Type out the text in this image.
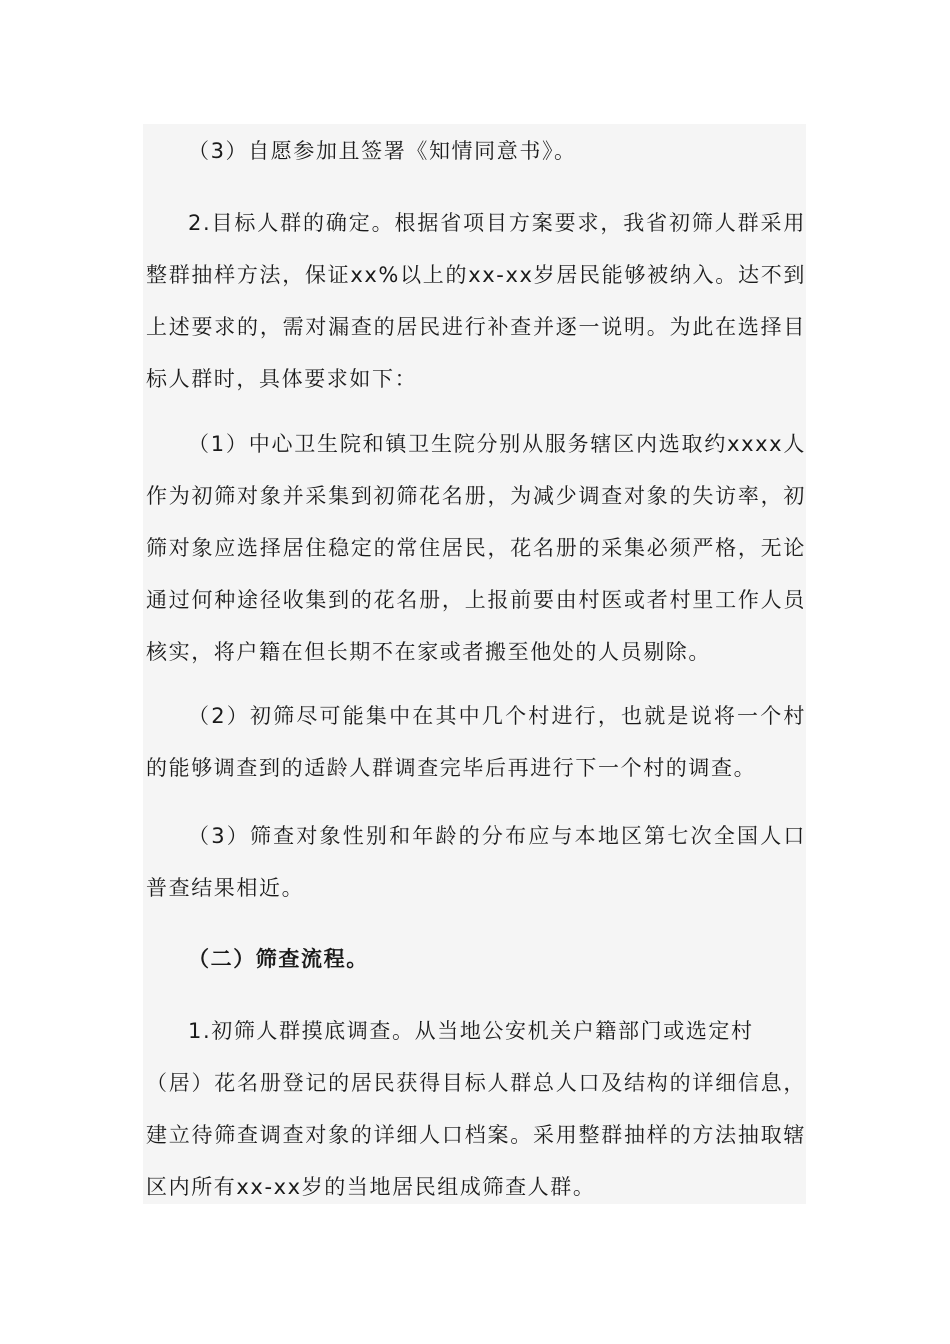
（3）自愿参加且签署《知情同意书》。

2.目标人群的确定。根据省项目方案要求，我省初筛人群采用整群抽样方法，保证xx%以上的xx-xx岁居民能够被纳入。达不到上述要求的，需对漏查的居民进行补查并逐一说明。为此在选择目标人群时，具体要求如下：

（1）中心卫生院和镇卫生院分别从服务辖区内选取约xxxx人作为初筛对象并采集到初筛花名册，为减少调查对象的失访率，初筛对象应选择居住稳定的常住居民，花名册的采集必须严格，无论通过何种途径收集到的花名册，上报前要由村医或者村里工作人员核实，将户籍在但长期不在家或者搬至他处的人员剔除。

（2）初筛尽可能集中在其中几个村进行，也就是说将一个村的能够调查到的适龄人群调查完毕后再进行下一个村的调查。

（3）筛查对象性别和年龄的分布应与本地区第七次全国人口普查结果相近。

（二）筛查流程。

1.初筛人群摸底调查。从当地公安机关户籍部门或选定村

（居）花名册登记的居民获得目标人群总人口及结构的详细信息，建立待筛查调查对象的详细人口档案。采用整群抽样的方法抽取辖区内所有xx-xx岁的当地居民组成筛查人群。
